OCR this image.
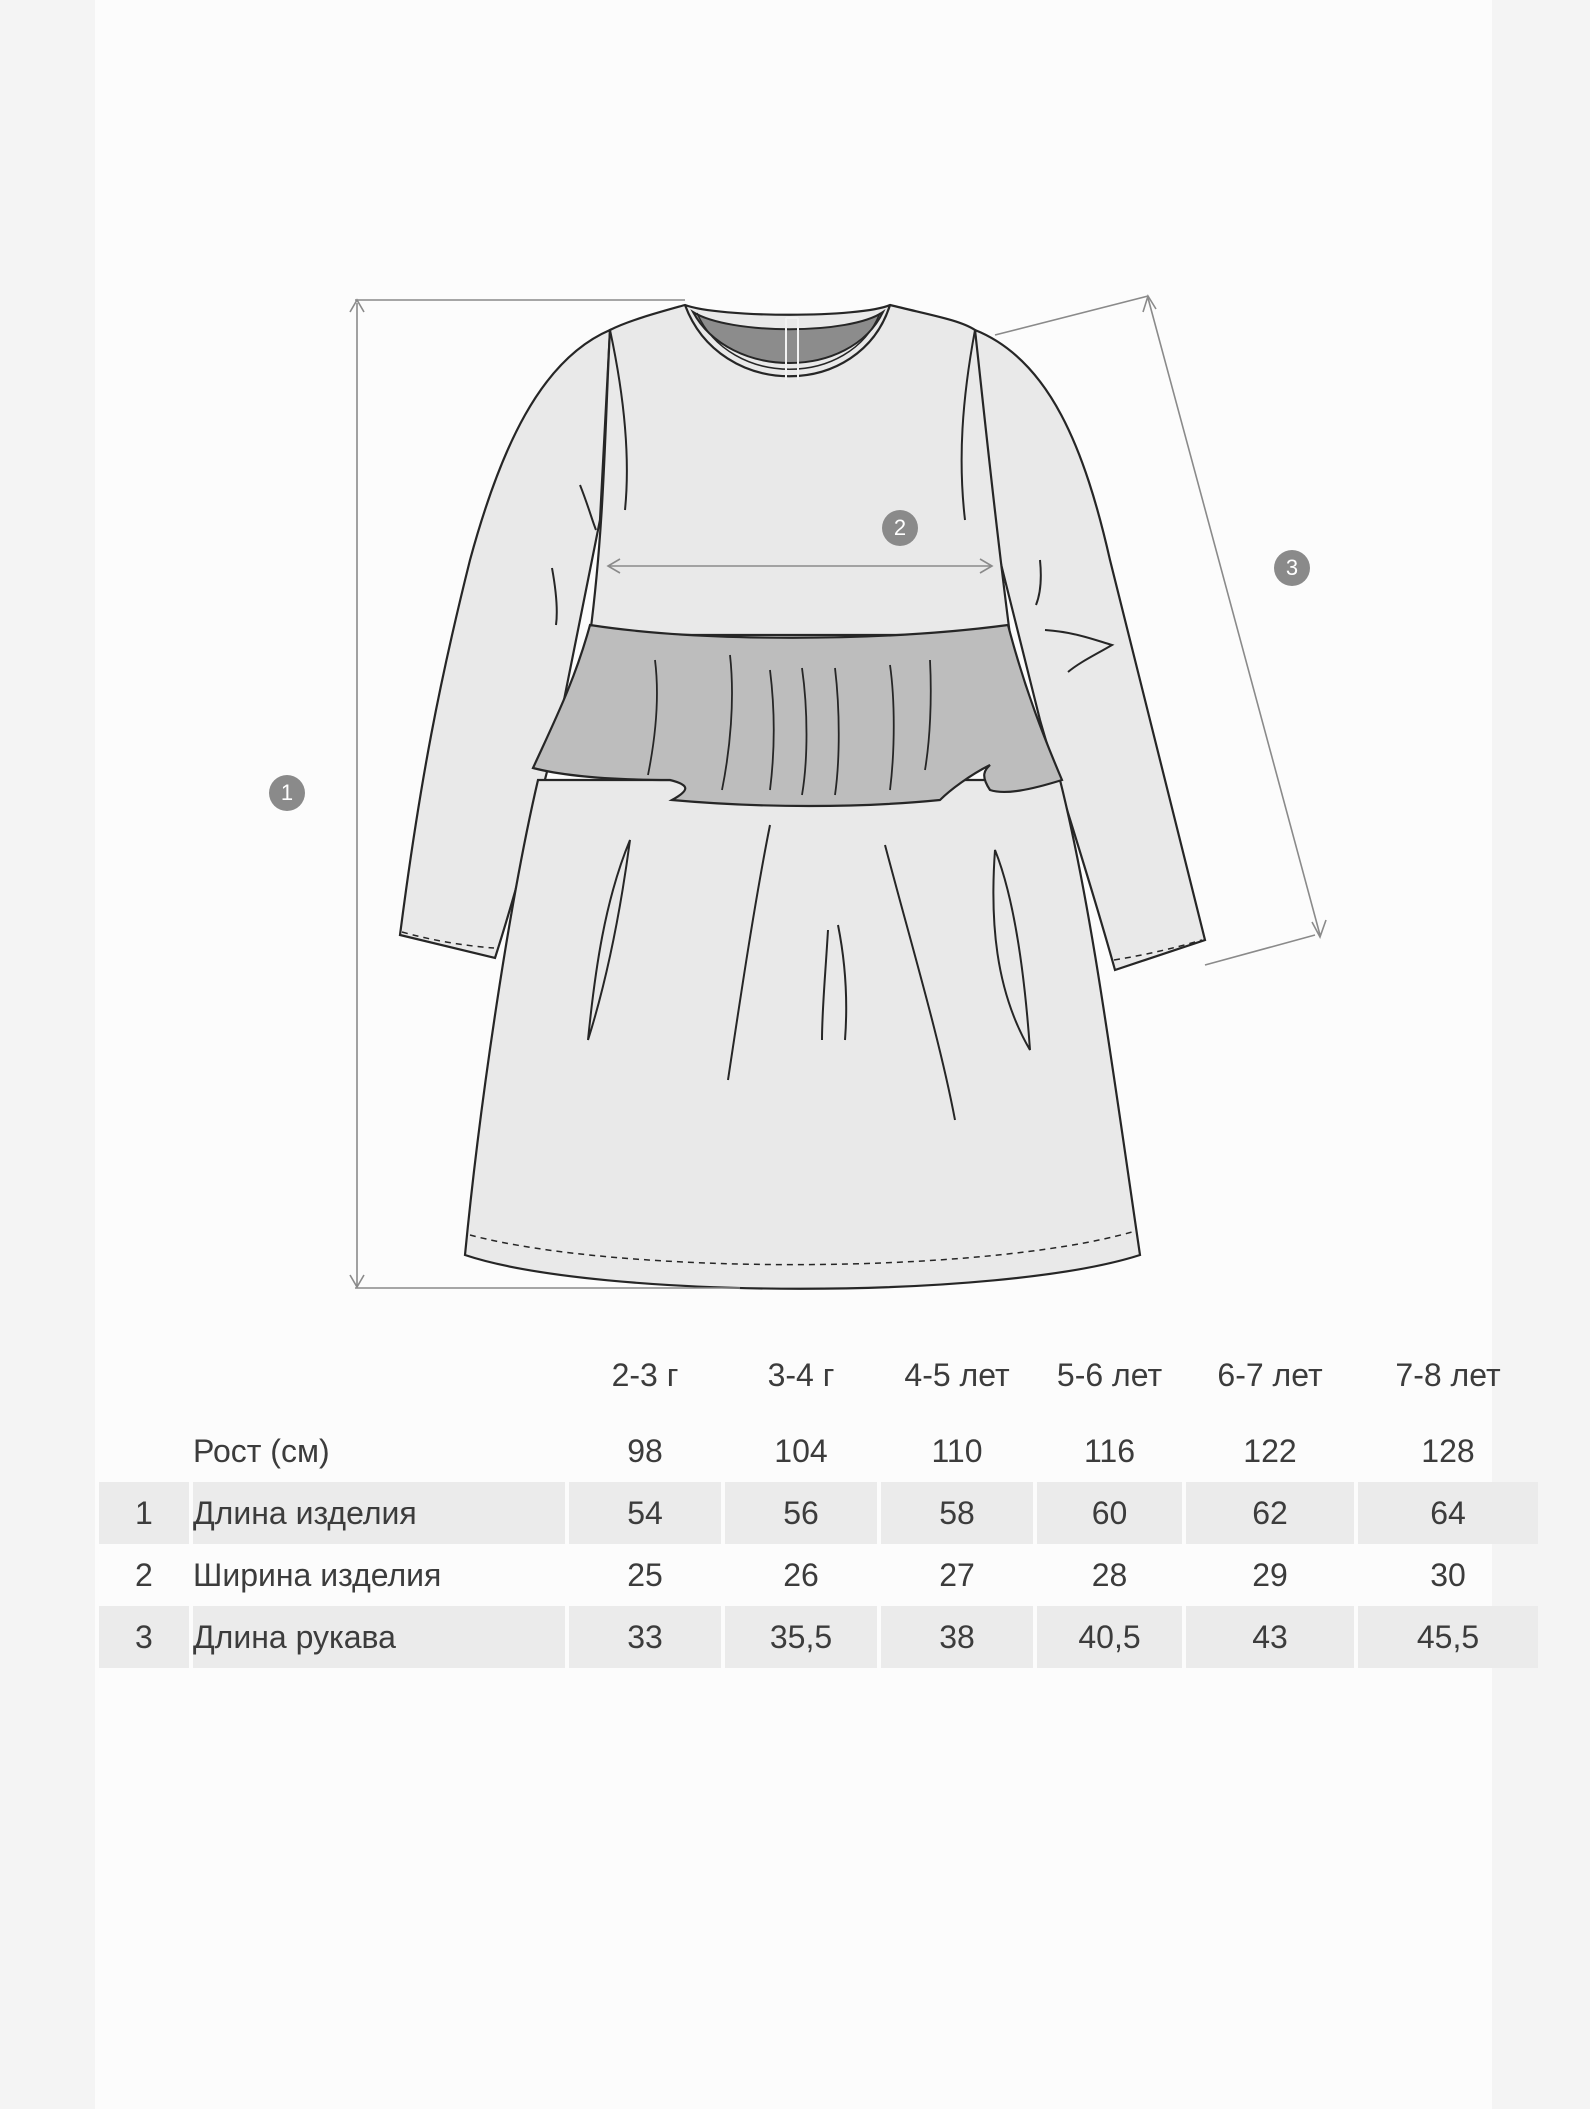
1
2
3
		2-3 г	3-4 г	4-5 лет	5-6 лет	6-7 лет	7-8 лет
	Рост (см)	98	104	110	116	122	128
1	Длина изделия	54	56	58	60	62	64
2	Ширина изделия	25	26	27	28	29	30
3	Длина рукава	33	35,5	38	40,5	43	45,5
